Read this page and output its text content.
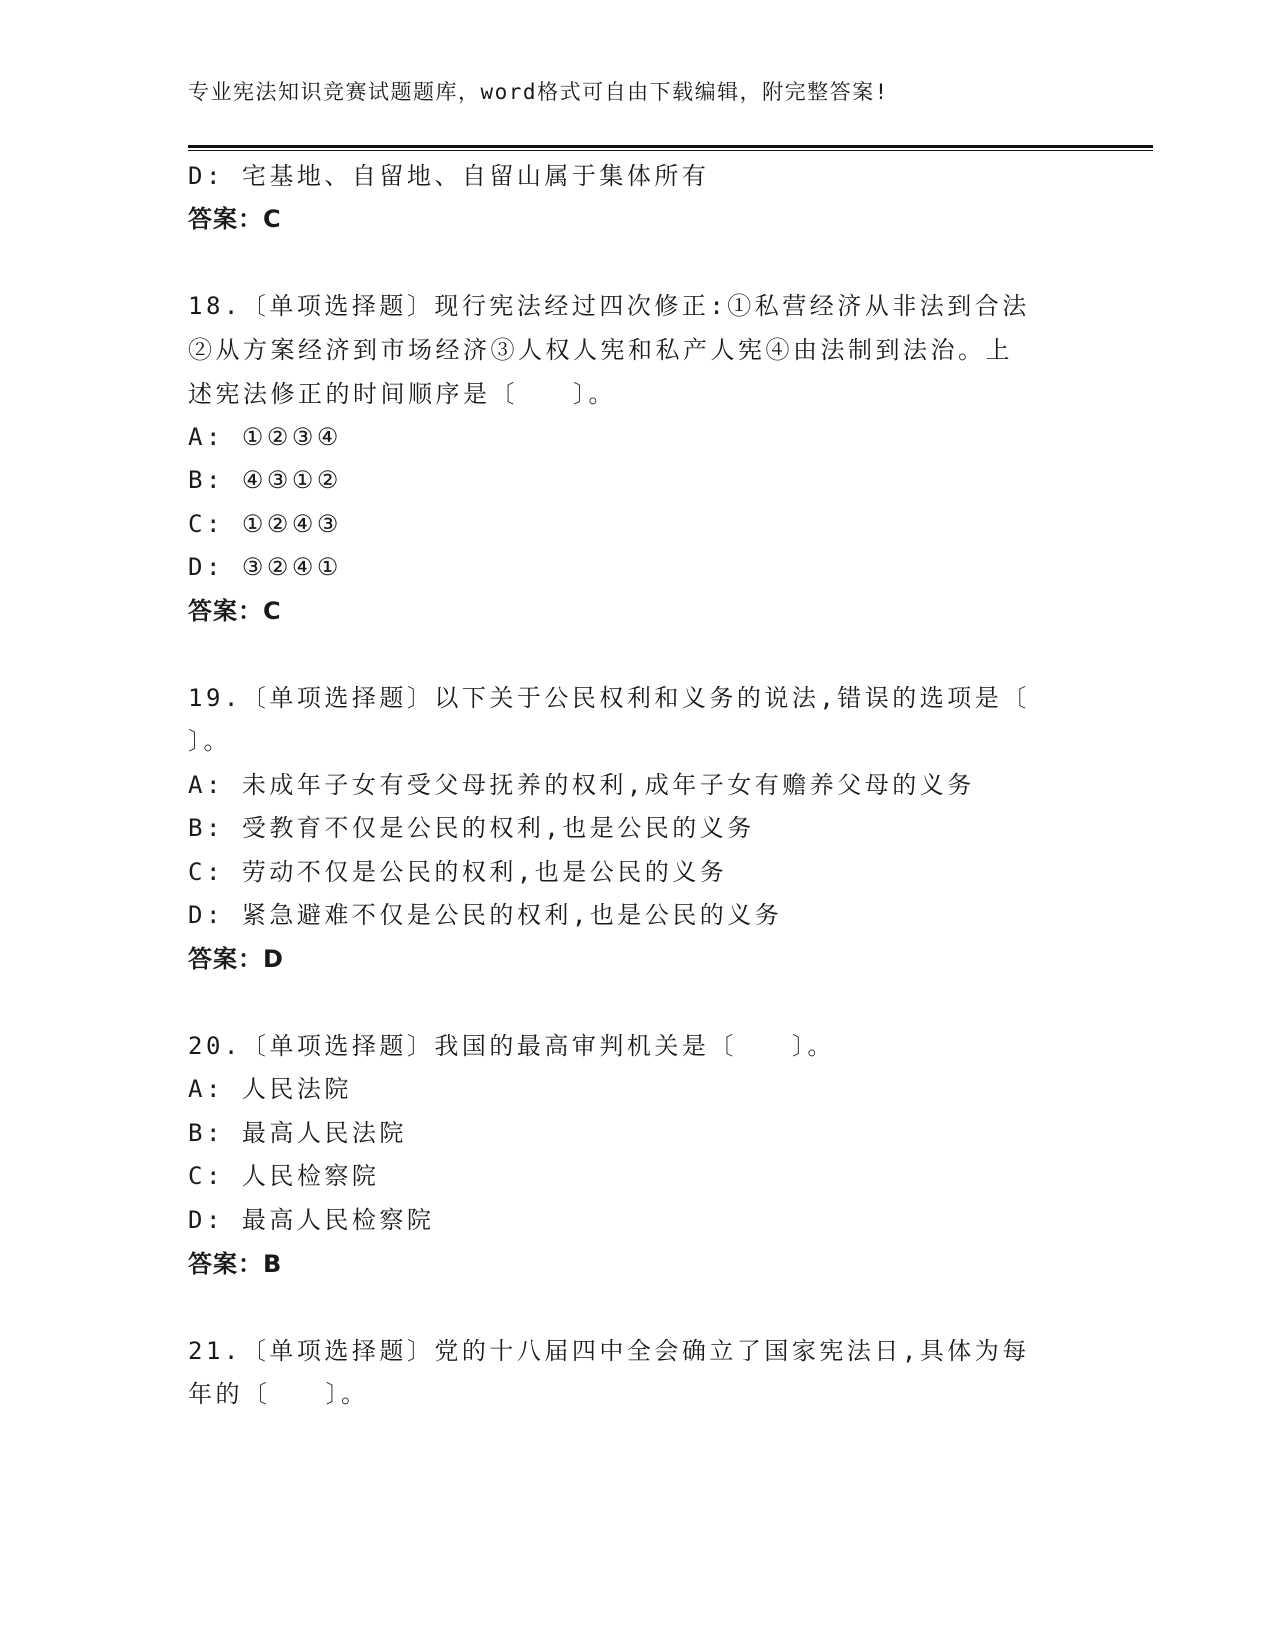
专业宪法知识竞赛试题题库，word格式可自由下载编辑，附完整答案!
D: 宅基地、自留地、自留山属于集体所有
答案：C
18.〔单项选择题〕现行宪法经过四次修正:①私营经济从非法到合法
②从方案经济到市场经济③人权人宪和私产人宪④由法制到法治。上
述宪法修正的时间顺序是〔　　〕。
A: ①②③④
B: ④③①②
C: ①②④③
D: ③②④①
答案：C
19.〔单项选择题〕以下关于公民权利和义务的说法,错误的选项是〔
〕。
A: 未成年子女有受父母抚养的权利,成年子女有赡养父母的义务
B: 受教育不仅是公民的权利,也是公民的义务
C: 劳动不仅是公民的权利,也是公民的义务
D: 紧急避难不仅是公民的权利,也是公民的义务
答案：D
20.〔单项选择题〕我国的最高审判机关是〔　　〕。
A: 人民法院
B: 最高人民法院
C: 人民检察院
D: 最高人民检察院
答案：B
21.〔单项选择题〕党的十八届四中全会确立了国家宪法日,具体为每
年的〔　　〕。
